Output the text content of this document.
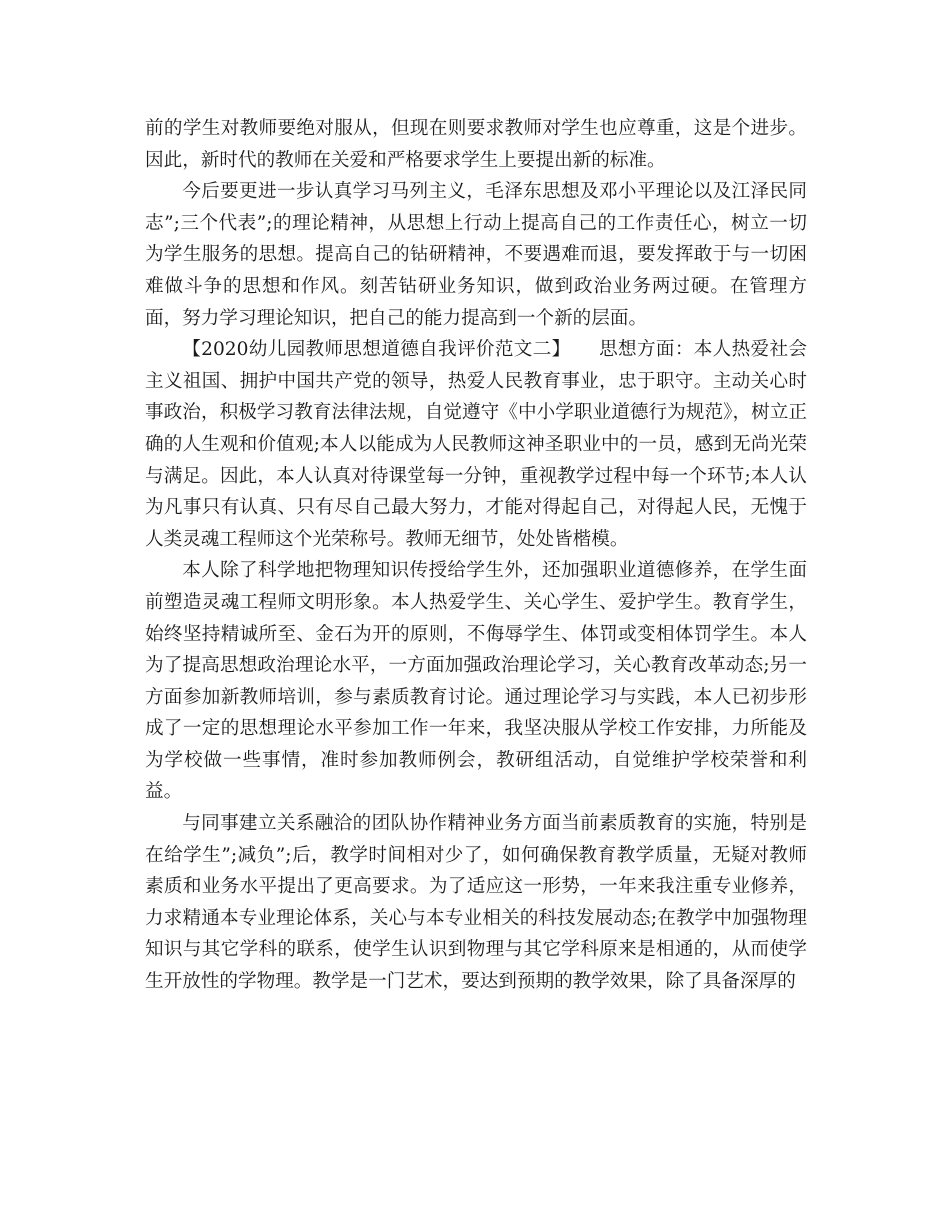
前的学生对教师要绝对服从，但现在则要求教师对学生也应尊重，这是个进步。因此，新时代的教师在关爱和严格要求学生上要提出新的标准。

今后要更进一步认真学习马列主义，毛泽东思想及邓小平理论以及江泽民同志”;三个代表”;的理论精神，从思想上行动上提高自己的工作责任心，树立一切为学生服务的思想。提高自己的钻研精神，不要遇难而退，要发挥敢于与一切困难做斗争的思想和作风。刻苦钻研业务知识，做到政治业务两过硬。在管理方面，努力学习理论知识，把自己的能力提高到一个新的层面。

【2020幼儿园教师思想道德自我评价范文二】　　思想方面：本人热爱社会主义祖国、拥护中国共产党的领导，热爱人民教育事业，忠于职守。主动关心时事政治，积极学习教育法律法规，自觉遵守《中小学职业道德行为规范》，树立正确的人生观和价值观;本人以能成为人民教师这神圣职业中的一员，感到无尚光荣与满足。因此，本人认真对待课堂每一分钟，重视教学过程中每一个环节;本人认为凡事只有认真、只有尽自己最大努力，才能对得起自己，对得起人民，无愧于人类灵魂工程师这个光荣称号。教师无细节，处处皆楷模。

本人除了科学地把物理知识传授给学生外，还加强职业道德修养，在学生面前塑造灵魂工程师文明形象。本人热爱学生、关心学生、爱护学生。教育学生，始终坚持精诚所至、金石为开的原则，不侮辱学生、体罚或变相体罚学生。本人为了提高思想政治理论水平，一方面加强政治理论学习，关心教育改革动态;另一方面参加新教师培训，参与素质教育讨论。通过理论学习与实践，本人已初步形成了一定的思想理论水平参加工作一年来，我坚决服从学校工作安排，力所能及为学校做一些事情，准时参加教师例会，教研组活动，自觉维护学校荣誉和利益。

与同事建立关系融洽的团队协作精神业务方面当前素质教育的实施，特别是在给学生”;减负”;后，教学时间相对少了，如何确保教育教学质量，无疑对教师素质和业务水平提出了更高要求。为了适应这一形势，一年来我注重专业修养，力求精通本专业理论体系，关心与本专业相关的科技发展动态;在教学中加强物理知识与其它学科的联系，使学生认识到物理与其它学科原来是相通的，从而使学生开放性的学物理。教学是一门艺术，要达到预期的教学效果，除了具备深厚的
